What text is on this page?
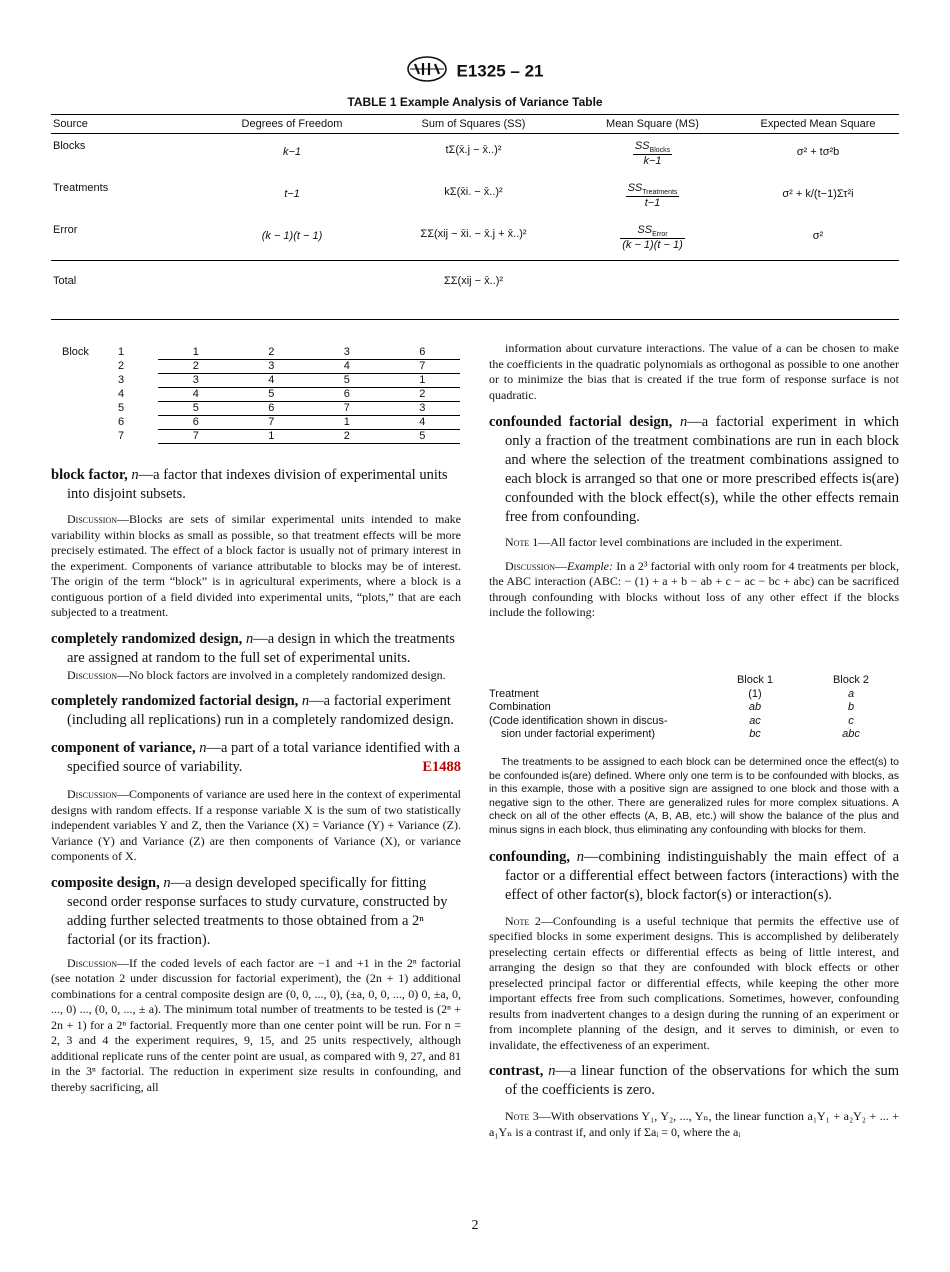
E1325 – 21
TABLE 1 Example Analysis of Variance Table
Source	Degrees of Freedom	Sum of Squares (SS)	Mean Square (MS)	Expected Mean Square
Blocks	k−1	tΣ(x̄.j − x̄..)²	$\frac{SS_{Blocks}}{k-1}$	σ² + tσ²b
Treatments	t−1	kΣ(x̄i. − x̄..)²	$\frac{SS_{Treatments}}{t-1}$	σ² + k/(t−1)Στ²i
Error	(k − 1)(t − 1)	ΣΣ(xij − x̄i. − x̄.j + x̄..)²	$\frac{SS_{Error}}{(k - 1)(t - 1)}$	σ²
Total		ΣΣ(xij − x̄..)²		
Block	1	1	2	3	6
	2	2	3	4	7
	3	3	4	5	1
	4	4	5	6	2
	5	5	6	7	3
	6	6	7	1	4
	7	7	1	2	5

block factor, n—a factor that indexes division of experimental units into disjoint subsets.

Discussion—Blocks are sets of similar experimental units intended to make variability within blocks as small as possible, so that treatment effects will be more precisely estimated. The effect of a block factor is usually not of primary interest in the experiment. Components of variance attributable to blocks may be of interest. The origin of the term “block” is in agricultural experiments, where a block is a contiguous portion of a field divided into experimental units, “plots,” that are each subjected to a treatment.

completely randomized design, n—a design in which the treatments are assigned at random to the full set of experimental units.

Discussion—No block factors are involved in a completely randomized design.

completely randomized factorial design, n—a factorial experiment (including all replications) run in a completely randomized design.

component of variance, n—a part of a total variance identified with a specified source of variability.	E1488

Discussion—Components of variance are used here in the context of experimental designs with random effects. If a response variable X is the sum of two statistically independent variables Y and Z, then the Variance (X) = Variance (Y) + Variance (Z). Variance (Y) and Variance (Z) are then components of Variance (X), or variance components of X.

composite design, n—a design developed specifically for fitting second order response surfaces to study curvature, constructed by adding further selected treatments to those obtained from a 2ⁿ factorial (or its fraction).

Discussion—If the coded levels of each factor are −1 and +1 in the 2ⁿ factorial (see notation 2 under discussion for factorial experiment), the (2n + 1) additional combinations for a central composite design are (0, 0, ..., 0), (±a, 0, 0, ..., 0) 0, ±a, 0, ..., 0) ..., (0, 0, ..., ± a). The minimum total number of treatments to be tested is (2ⁿ + 2n + 1) for a 2ⁿ factorial. Frequently more than one center point will be run. For n = 2, 3 and 4 the experiment requires, 9, 15, and 25 units respectively, although additional replicate runs of the center point are usual, as compared with 9, 27, and 81 in the 3ⁿ factorial. The reduction in experiment size results in confounding, and thereby sacrificing, all

information about curvature interactions. The value of a can be chosen to make the coefficients in the quadratic polynomials as orthogonal as possible to one another or to minimize the bias that is created if the true form of response surface is not quadratic.

confounded factorial design, n—a factorial experiment in which only a fraction of the treatment combinations are run in each block and where the selection of the treatment combinations assigned to each block is arranged so that one or more prescribed effects is(are) confounded with the block effect(s), while the other effects remain free from confounding.

Note 1—All factor level combinations are included in the experiment.

Discussion—Example: In a 2³ factorial with only room for 4 treatments per block, the ABC interaction (ABC: − (1) + a + b − ab + c − ac − bc + abc) can be sacrificed through confounding with blocks without loss of any other effect if the blocks include the following:

	Block 1	Block 2
Treatment	(1)	a
Combination	ab	b
(Code identification shown in discus-	ac	c
sion under factorial experiment)	bc	abc

The treatments to be assigned to each block can be determined once the effect(s) to be confounded is(are) defined. Where only one term is to be confounded with blocks, as in this example, those with a positive sign are assigned to one block and those with a negative sign to the other. There are generalized rules for more complex situations. A check on all of the other effects (A, B, AB, etc.) will show the balance of the plus and minus signs in each block, thus eliminating any confounding with blocks for them.

confounding, n—combining indistinguishably the main effect of a factor or a differential effect between factors (interactions) with the effect of other factor(s), block factor(s) or interaction(s).

Note 2—Confounding is a useful technique that permits the effective use of specified blocks in some experiment designs. This is accomplished by deliberately preselecting certain effects or differential effects as being of little interest, and arranging the design so that they are confounded with block effects or other preselected principal factor or differential effects, while keeping the other more important effects free from such complications. Sometimes, however, confounding results from inadvertent changes to a design during the running of an experiment or from incomplete planning of the design, and it serves to diminish, or even to invalidate, the effectiveness of an experiment.

contrast, n—a linear function of the observations for which the sum of the coefficients is zero.

Note 3—With observations Y₁, Y₂, ..., Yₙ, the linear function a₁Y₁ + a₂Y₂ + ... + a₁Yₙ is a contrast if, and only if Σaᵢ = 0, where the aᵢ

2
